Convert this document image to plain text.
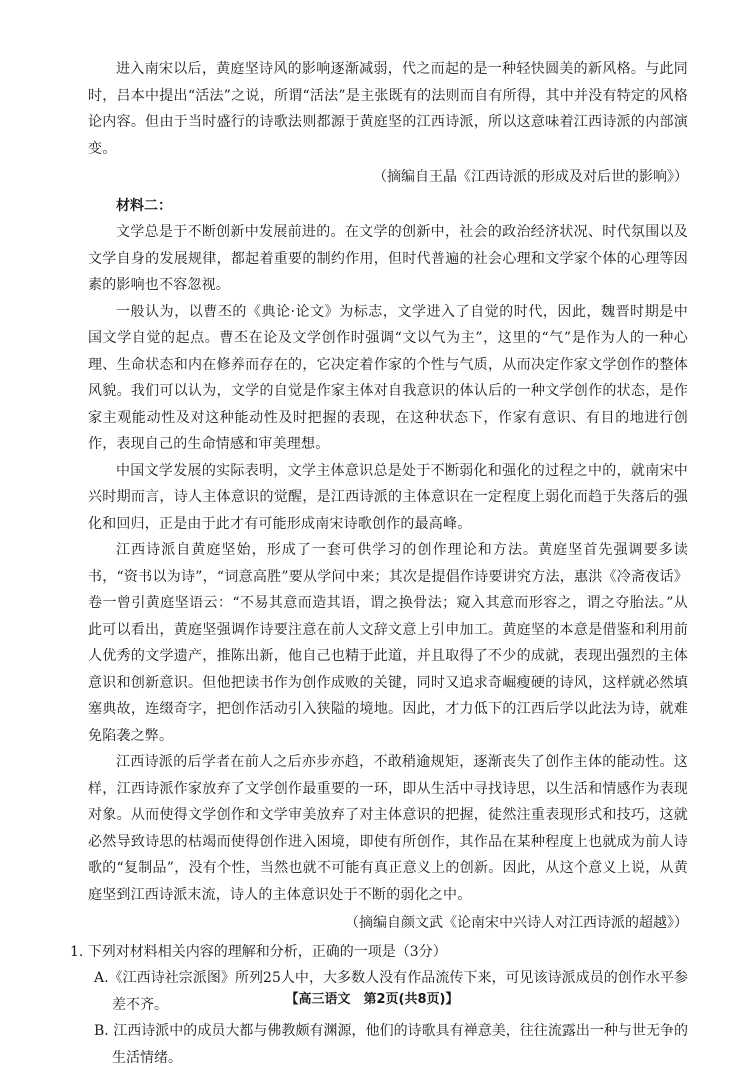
进入南宋以后，黄庭坚诗风的影响逐渐减弱，代之而起的是一种轻快圆美的新风格。与此同时，吕本中提出“活法”之说，所谓“活法”是主张既有的法则而自有所得，其中并没有特定的风格论内容。但由于当时盛行的诗歌法则都源于黄庭坚的江西诗派，所以这意味着江西诗派的内部演变。

（摘编自王晶《江西诗派的形成及对后世的影响》）

材料二：

文学总是于不断创新中发展前进的。在文学的创新中，社会的政治经济状况、时代氛围以及文学自身的发展规律，都起着重要的制约作用，但时代普遍的社会心理和文学家个体的心理等因素的影响也不容忽视。

一般认为，以曹丕的《典论·论文》为标志，文学进入了自觉的时代，因此，魏晋时期是中国文学自觉的起点。曹丕在论及文学创作时强调“文以气为主”，这里的“气”是作为人的一种心理、生命状态和内在修养而存在的，它决定着作家的个性与气质，从而决定作家文学创作的整体风貌。我们可以认为，文学的自觉是作家主体对自我意识的体认后的一种文学创作的状态，是作家主观能动性及对这种能动性及时把握的表现，在这种状态下，作家有意识、有目的地进行创作，表现自己的生命情感和审美理想。

中国文学发展的实际表明，文学主体意识总是处于不断弱化和强化的过程之中的，就南宋中兴时期而言，诗人主体意识的觉醒，是江西诗派的主体意识在一定程度上弱化而趋于失落后的强化和回归，正是由于此才有可能形成南宋诗歌创作的最高峰。

江西诗派自黄庭坚始，形成了一套可供学习的创作理论和方法。黄庭坚首先强调要多读书，“资书以为诗”，“词意高胜”要从学问中来；其次是提倡作诗要讲究方法，惠洪《冷斋夜话》卷一曾引黄庭坚语云：“不易其意而造其语，谓之换骨法；窥入其意而形容之，谓之夺胎法。”从此可以看出，黄庭坚强调作诗要注意在前人文辞文意上引申加工。黄庭坚的本意是借鉴和利用前人优秀的文学遗产，推陈出新，他自己也精于此道，并且取得了不少的成就，表现出强烈的主体意识和创新意识。但他把读书作为创作成败的关键，同时又追求奇崛瘦硬的诗风，这样就必然填塞典故，连缀奇字，把创作活动引入狭隘的境地。因此，才力低下的江西后学以此法为诗，就难免陷袭之弊。

江西诗派的后学者在前人之后亦步亦趋，不敢稍逾规矩，逐渐丧失了创作主体的能动性。这样，江西诗派作家放弃了文学创作最重要的一环，即从生活中寻找诗思，以生活和情感作为表现对象。从而使得文学创作和文学审美放弃了对主体意识的把握，徒然注重表现形式和技巧，这就必然导致诗思的枯竭而使得创作进入困境，即使有所创作，其作品在某种程度上也就成为前人诗歌的“复制品”，没有个性，当然也就不可能有真正意义上的创新。因此，从这个意义上说，从黄庭坚到江西诗派末流，诗人的主体意识处于不断的弱化之中。

（摘编自颜文武《论南宋中兴诗人对江西诗派的超越》）

1. 下列对材料相关内容的理解和分析，正确的一项是（3分）

A.《江西诗社宗派图》所列25人中，大多数人没有作品流传下来，可见该诗派成员的创作水平参差不齐。

B. 江西诗派中的成员大都与佛教颇有渊源，他们的诗歌具有禅意美，往往流露出一种与世无争的生活情绪。

【高三语文　第2页(共8页)】
